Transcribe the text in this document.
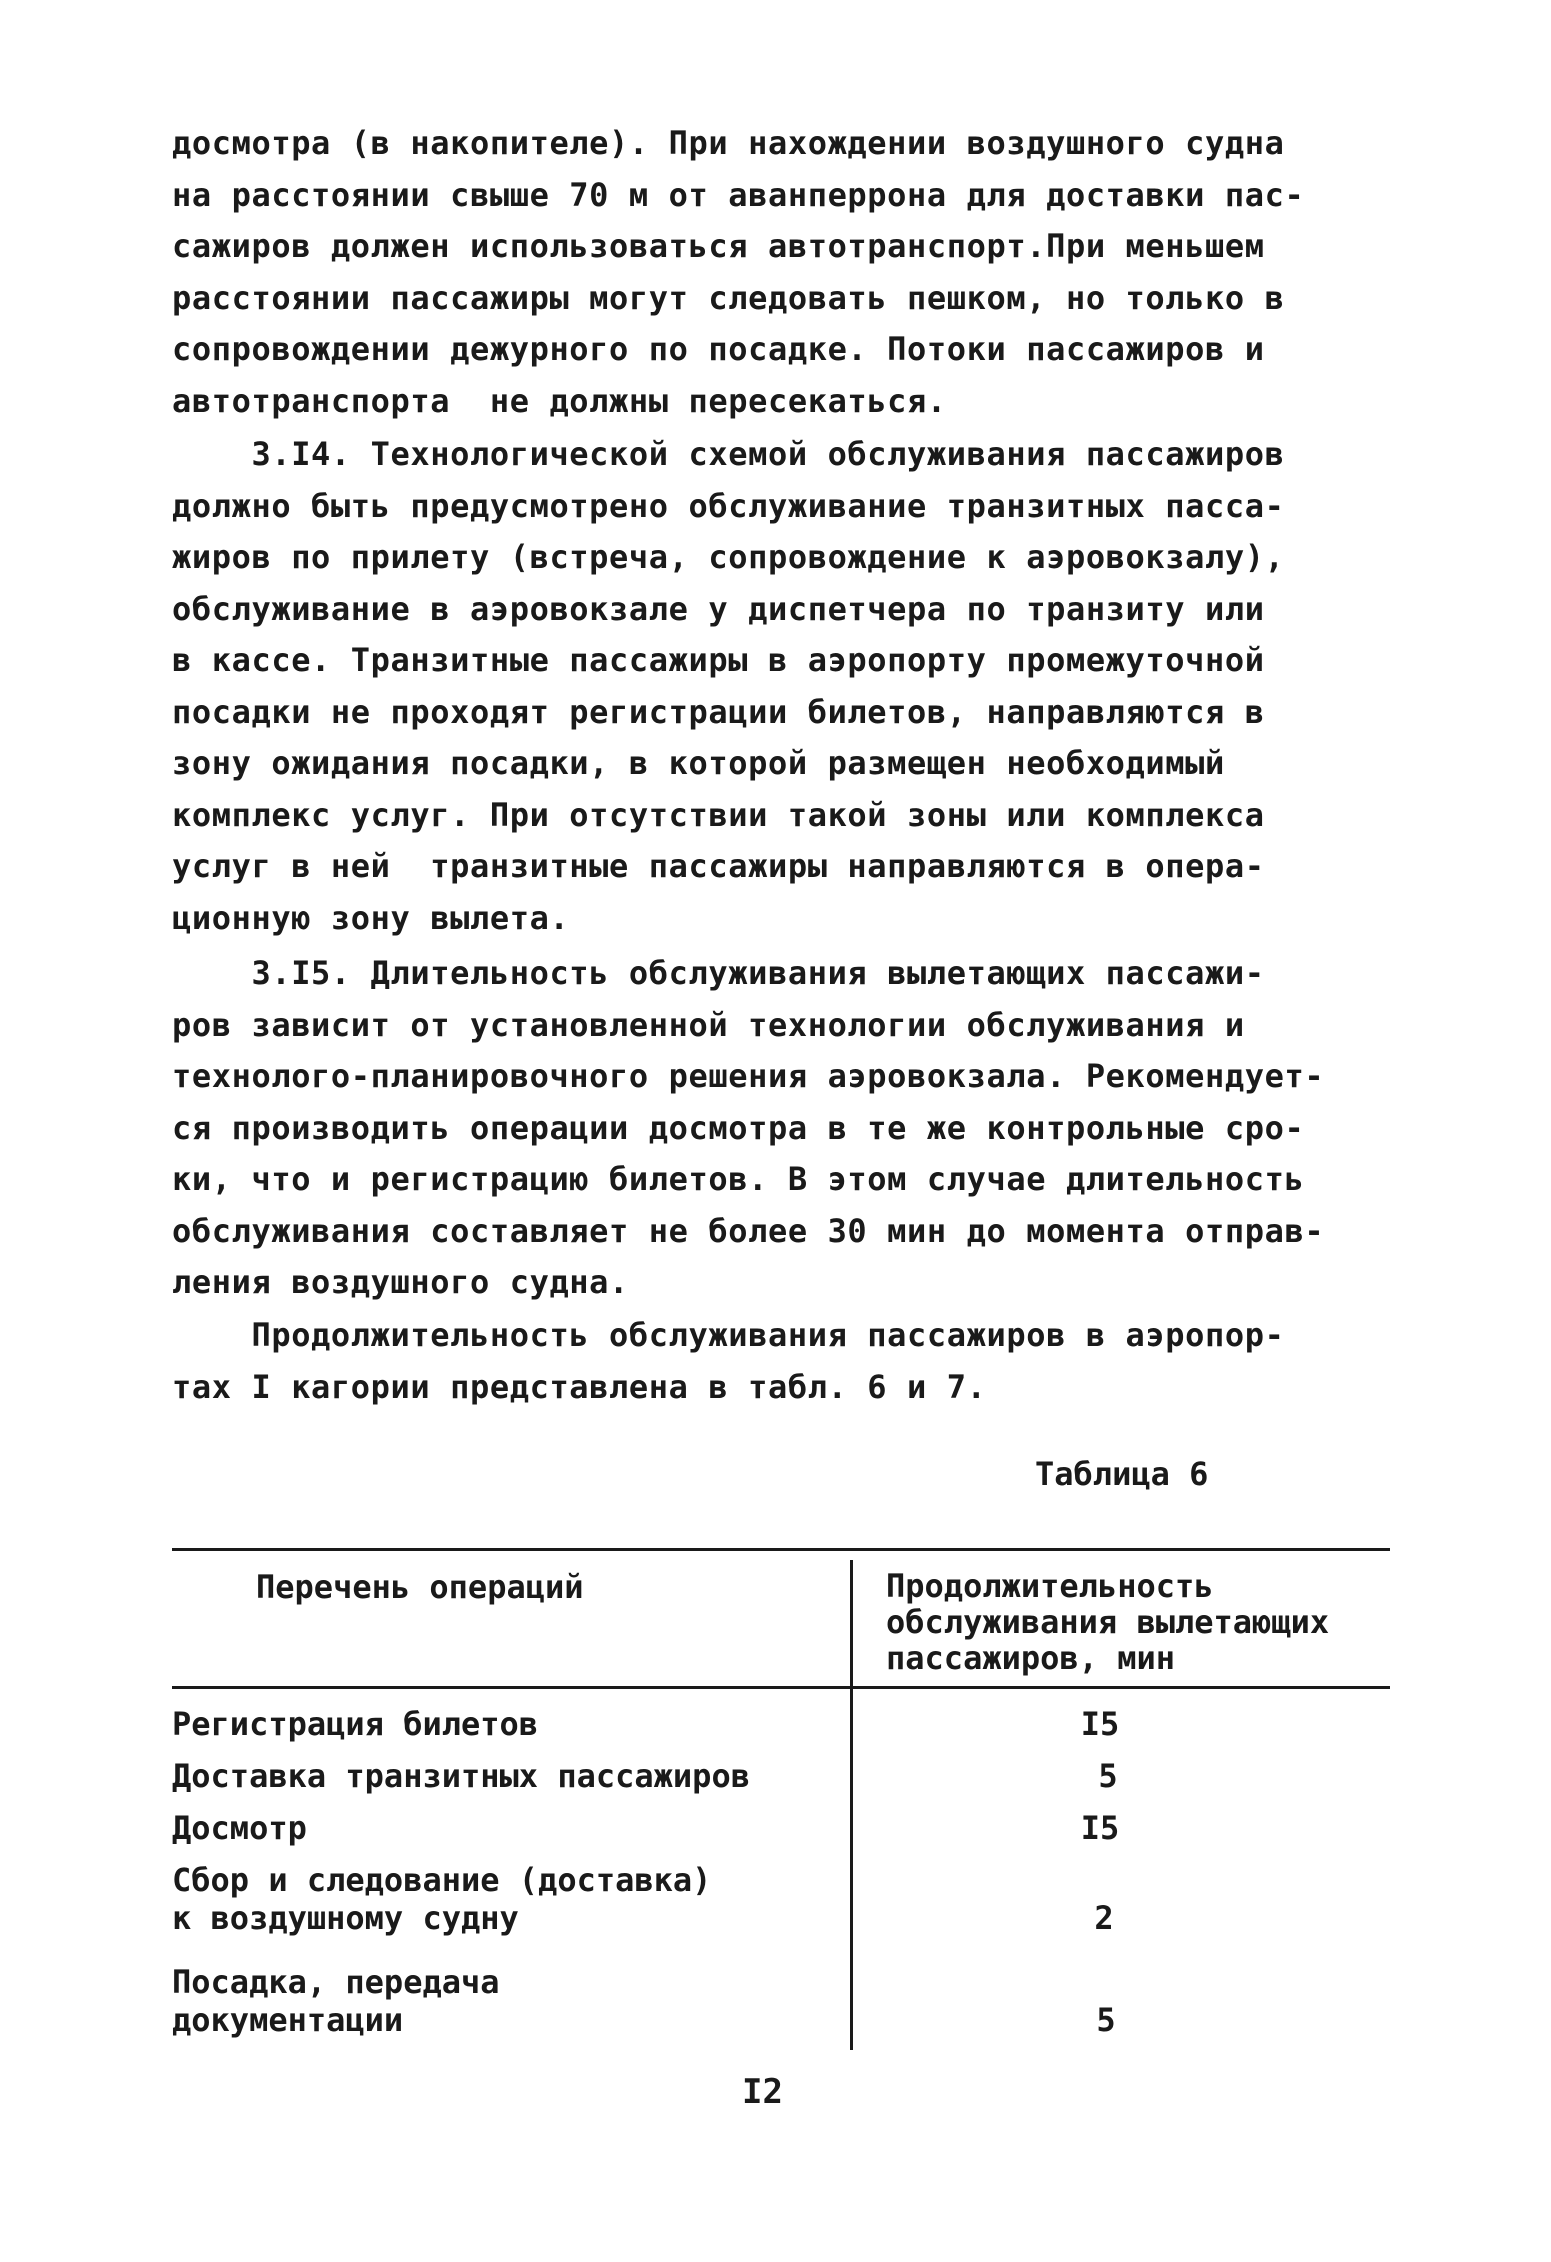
досмотра (в накопителе). При нахождении воздушного судна
на расстоянии свыше 70 м от аванперрона для доставки пас-
сажиров должен использоваться автотранспорт.При меньшем
расстоянии пассажиры могут следовать пешком, но только в
сопровождении дежурного по посадке. Потоки пассажиров и
автотранспорта  не должны пересекаться.
3.I4. Технологической схемой обслуживания пассажиров
должно быть предусмотрено обслуживание транзитных пасса-
жиров по прилету (встреча, сопровождение к аэровокзалу),
обслуживание в аэровокзале у диспетчера по транзиту или
в кассе. Транзитные пассажиры в аэропорту промежуточной
посадки не проходят регистрации билетов, направляются в
зону ожидания посадки, в которой размещен необходимый
комплекс услуг. При отсутствии такой зоны или комплекса
услуг в ней  транзитные пассажиры направляются в опера-
ционную зону вылета.
3.I5. Длительность обслуживания вылетающих пассажи-
ров зависит от установленной технологии обслуживания и
технолого-планировочного решения аэровокзала. Рекомендует-
ся производить операции досмотра в те же контрольные сро-
ки, что и регистрацию билетов. В этом случае длительность
обслуживания составляет не более 30 мин до момента отправ-
ления воздушного судна.
Продолжительность обслуживания пассажиров в аэропор-
тах I кагории представлена в табл. 6 и 7.
Таблица 6
Перечень операций	Продолжительность
обслуживания вылетающих
пассажиров, мин
Регистрация билетов	I5
Доставка транзитных пассажиров	5
Досмотр	I5
Сбор и следование (доставка)
к воздушному судну	2
Посадка, передача
документации	5
I2
